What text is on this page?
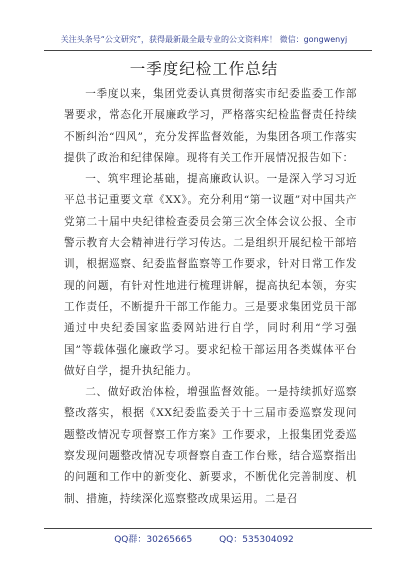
关注头条号“公文研究”，获得最新最全最专业的公文资料库！ 微信：gongwenyj
一季度纪检工作总结

一季度以来，集团党委认真贯彻落实市纪委监委工作部署要求，常态化开展廉政学习，严格落实纪检监督责任持续不断纠治“四风”，充分发挥监督效能，为集团各项工作落实提供了政治和纪律保障。现将有关工作开展情况报告如下：

一、筑牢理论基础，提高廉政认识。一是深入学习习近平总书记重要文章《XX》。充分利用“第一议题”对中国共产党第二十届中央纪律检查委员会第三次全体会议公报、全市警示教育大会精神进行学习传达。二是组织开展纪检干部培训，根据巡察、纪委监督监察等工作要求，针对日常工作发现的问题，有针对性地进行梳理讲解，提高执纪本领，夯实工作责任，不断提升干部工作能力。三是要求集团党员干部通过中央纪委国家监委网站进行自学，同时利用“学习强国”等载体强化廉政学习。要求纪检干部运用各类媒体平台做好自学，提升执纪能力。

二、做好政治体检，增强监督效能。一是持续抓好巡察整改落实，根据《XX纪委监委关于十三届市委巡察发现问题整改情况专项督察工作方案》工作要求，上报集团党委巡察发现问题整改情况专项督察自查工作台账，结合巡察指出的问题和工作中的新变化、新要求，不断优化完善制度、机制、措施，持续深化巡察整改成果运用。二是召

QQ群：30265665	QQ：535304092
